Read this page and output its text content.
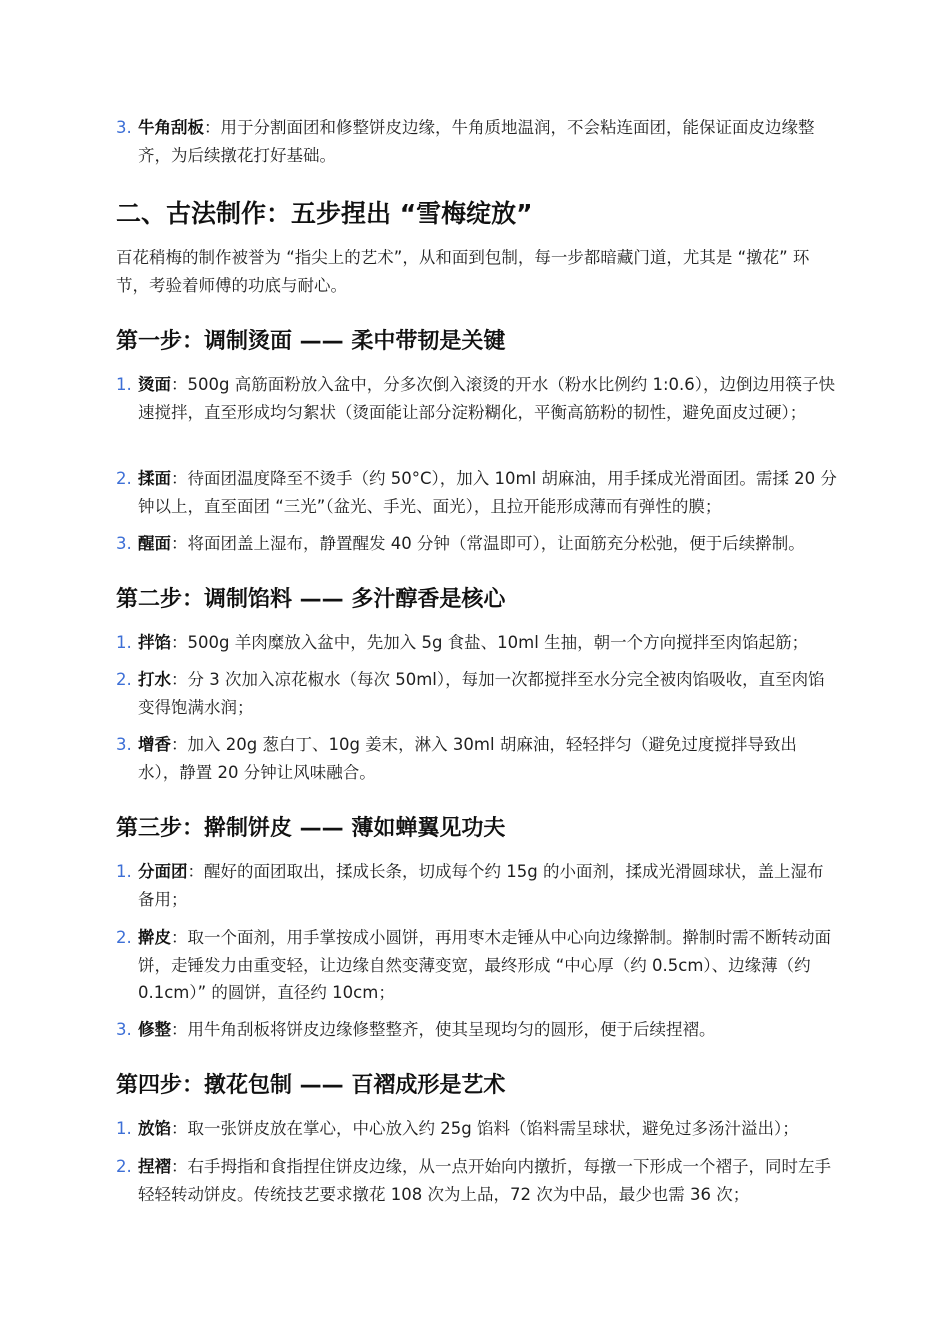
3. 牛角刮板：用于分割面团和修整饼皮边缘，牛角质地温润，不会粘连面团，能保证面皮边缘整齐，为后续撴花打好基础。
二、古法制作：五步捏出 “雪梅绽放”
百花稍梅的制作被誉为 “指尖上的艺术”，从和面到包制，每一步都暗藏门道，尤其是 “撴花” 环节，考验着师傅的功底与耐心。
第一步：调制烫面 —— 柔中带韧是关键
1. 烫面：500g 高筋面粉放入盆中，分多次倒入滚烫的开水（粉水比例约 1:0.6），边倒边用筷子快速搅拌，直至形成均匀絮状（烫面能让部分淀粉糊化，平衡高筋粉的韧性，避免面皮过硬）；
2. 揉面：待面团温度降至不烫手（约 50°C），加入 10ml 胡麻油，用手揉成光滑面团。需揉 20 分钟以上，直至面团 “三光”（盆光、手光、面光），且拉开能形成薄而有弹性的膜；
3. 醒面：将面团盖上湿布，静置醒发 40 分钟（常温即可），让面筋充分松弛，便于后续擀制。
第二步：调制馅料 —— 多汁醇香是核心
1. 拌馅：500g 羊肉糜放入盆中，先加入 5g 食盐、10ml 生抽，朝一个方向搅拌至肉馅起筋；
2. 打水：分 3 次加入凉花椒水（每次 50ml），每加一次都搅拌至水分完全被肉馅吸收，直至肉馅变得饱满水润；
3. 增香：加入 20g 葱白丁、10g 姜末，淋入 30ml 胡麻油，轻轻拌匀（避免过度搅拌导致出水），静置 20 分钟让风味融合。
第三步：擀制饼皮 —— 薄如蝉翼见功夫
1. 分面团：醒好的面团取出，揉成长条，切成每个约 15g 的小面剂，揉成光滑圆球状，盖上湿布备用；
2. 擀皮：取一个面剂，用手掌按成小圆饼，再用枣木走锤从中心向边缘擀制。擀制时需不断转动面饼，走锤发力由重变轻，让边缘自然变薄变宽，最终形成 “中心厚（约 0.5cm）、边缘薄（约 0.1cm）” 的圆饼，直径约 10cm；
3. 修整：用牛角刮板将饼皮边缘修整整齐，使其呈现均匀的圆形，便于后续捏褶。
第四步：撴花包制 —— 百褶成形是艺术
1. 放馅：取一张饼皮放在掌心，中心放入约 25g 馅料（馅料需呈球状，避免过多汤汁溢出）；
2. 捏褶：右手拇指和食指捏住饼皮边缘，从一点开始向内撴折，每撴一下形成一个褶子，同时左手轻轻转动饼皮。传统技艺要求撴花 108 次为上品，72 次为中品，最少也需 36 次；
